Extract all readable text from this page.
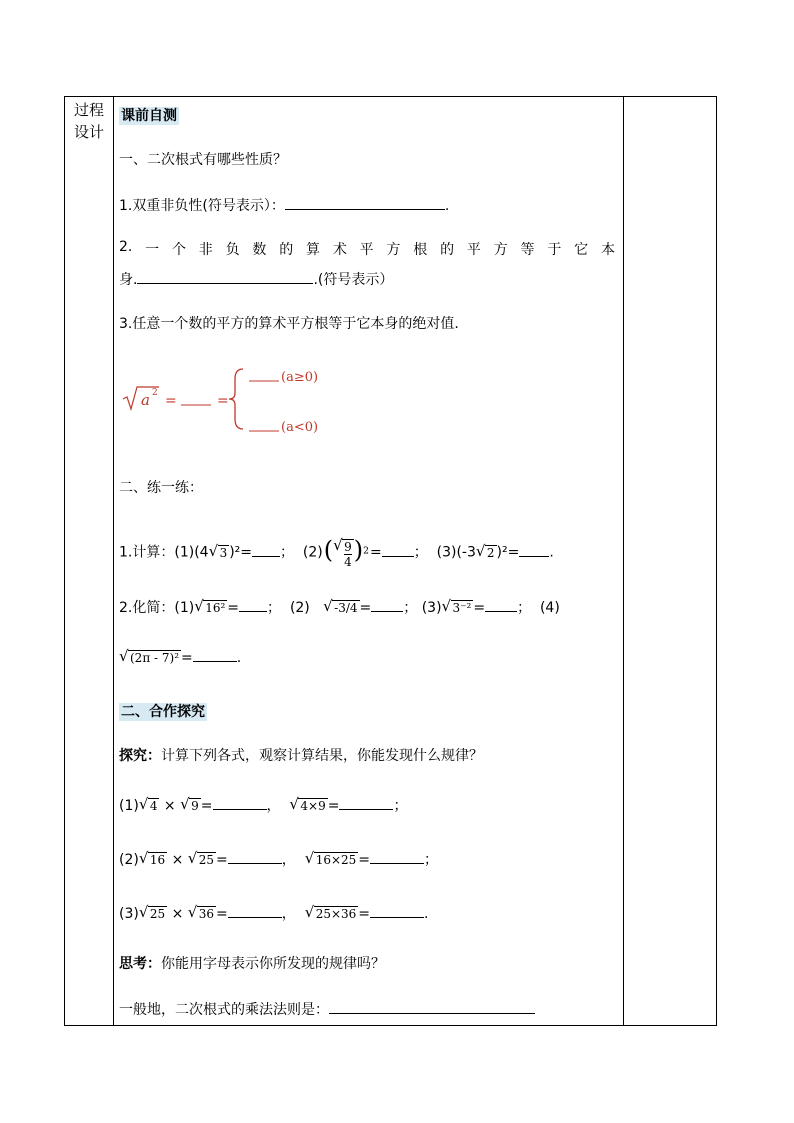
过程设计
课前自测
一、二次根式有哪些性质？
1.双重非负性(符号表示）：	.
2. 一 个 非 负 数 的 算 术 平 方 根 的 平 方 等 于 它 本
身.	.(符号表示）
3.任意一个数的平方的算术平方根等于它本身的绝对值.
a 2 =	=
(a≥0)
(a<0)
二、练一练：
1.计算：(1)(4 √ 3 )²= ； (2)( √ $\frac{9}{4} )^2=$ ； (3)(-3 √ 2 )²= .
2.化简：(1) √ 16² = ；  (2) √ -3/4 = ； (3) √ 3⁻² = ；  (4)
√ (2π - 7)² =	.
二、合作探究
探究：计算下列各式，观察计算结果，你能发现什么规律？
(1) √ 4 × √ 9 =	， √ 4×9 =	；
(2) √ 16 × √ 25 =	， √ 16×25 =	；
(3) √ 25 × √ 36 =	， √ 25×36 =	.
思考：你能用字母表示你所发现的规律吗？
一般地，二次根式的乘法法则是：
